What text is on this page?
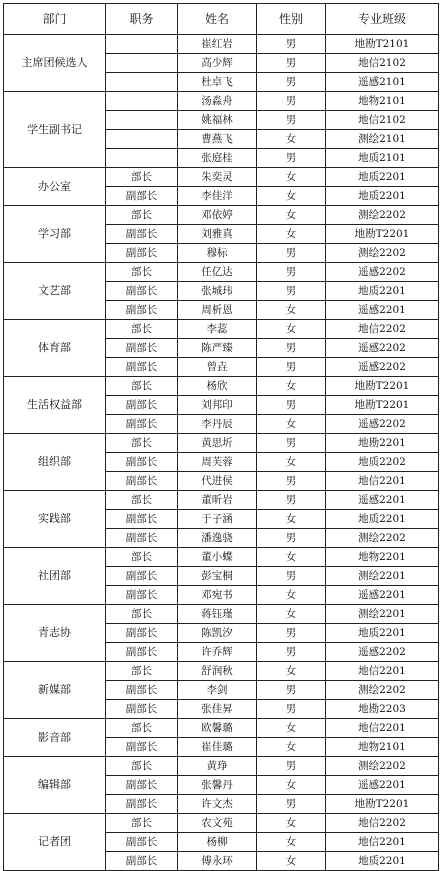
部门	职务	姓名	性别	专业班级
主席团候选人		崔红岩	男	地勘T2101
		高少辉	男	地信2102
		杜卓飞	男	遥感2101
学生副书记		汤淼舟	男	地物2101
		姚福林	男	地信2102
		曹燕飞	女	测绘2101
		张庭桂	男	地质2101
办公室	部长	朱奕灵	女	地质2201
	副部长	李佳洋	女	地质2201
学习部	部长	邓依婷	女	测绘2202
	副部长	刘雅真	女	地勘T2201
	副部长	穆标	男	测绘2202
文艺部	部长	任亿达	男	遥感2202
	副部长	张城玮	男	地质2201
	副部长	周析恩	女	遥感2201
体育部	部长	李蕊	女	地信2202
	副部长	陈严臻	男	遥感2202
	副部长	曾垚	男	遥感2202
生活权益部	部长	杨欣	女	地勘T2201
	副部长	刘邦印	男	地勘T2201
	副部长	李丹辰	女	遥感2202
组织部	部长	黄思圻	男	地勘2201
	副部长	周芙蓉	女	地质2202
	副部长	代进侯	男	地信2201
实践部	部长	董昕岩	男	遥感2201
	副部长	于子涵	女	地质2201
	副部长	潘逸骁	男	测绘2202
社团部	部长	董小蝶	女	地物2201
	副部长	彭宝桐	男	测绘2201
	副部长	邓宛书	女	遥感2201
青志协	部长	蒋钰瑾	女	测绘2201
	副部长	陈凯汐	男	地质2201
	副部长	许乔辉	男	遥感2202
新媒部	部长	舒润秋	女	地信2201
	副部长	李剑	男	测绘2202
	副部长	张佳昇	男	地勘2203
影音部	部长	欧馨璐	女	地信2201
	副部长	崔佳璐	女	地物2101
编辑部	部长	黄琤	男	测绘2202
	副部长	张馨丹	女	遥感2201
	副部长	许文杰	男	地勘T2201
记者团	部长	农文苑	女	地信2202
	副部长	杨柳	女	地信2201
	副部长	傅永环	女	地质2201
